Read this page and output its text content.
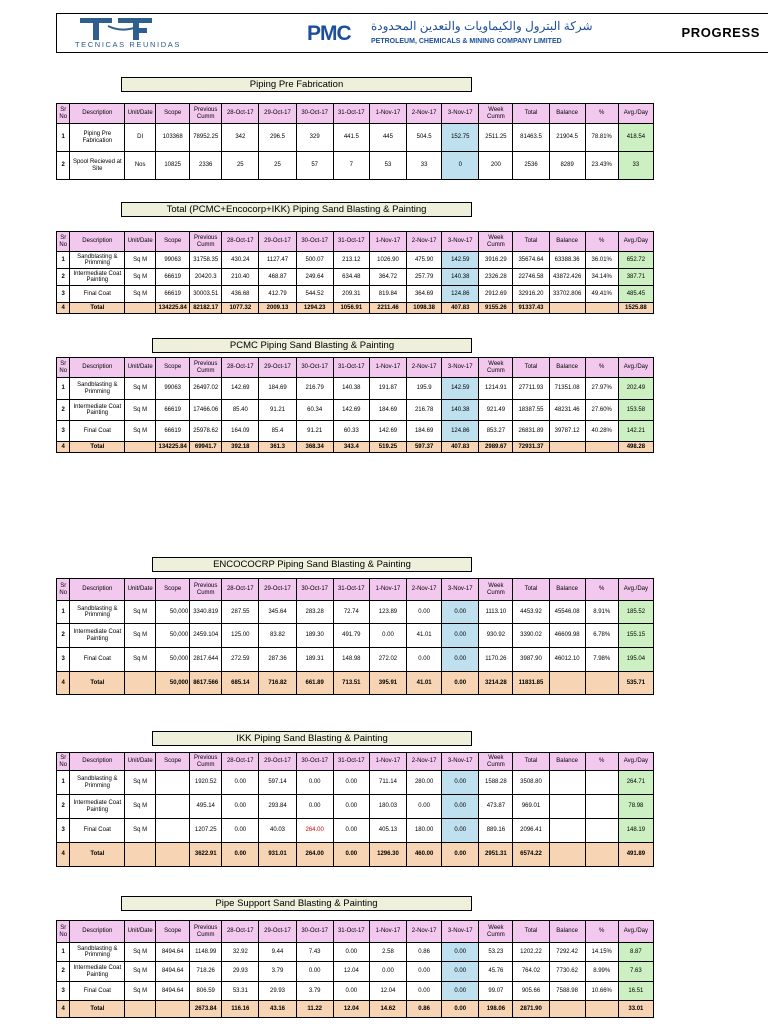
TECNICAS REUNIDAS	PMC شركة البترول والكيماويات والتعدين المحدودة
PETROLEUM, CHEMICALS & MINING COMPANY LIMITED
PROGRESS
Piping Pre Fabrication
Total (PCMC+Encocorp+IKK) Piping Sand Blasting & Painting
PCMC Piping Sand Blasting & Painting
ENCOCOCRP Piping Sand Blasting & Painting
IKK Piping Sand Blasting & Painting
Pipe Support Sand Blasting & Painting
Sr No	Description	Unit/Date	Scope	Previous Cumm	28-Oct-17	29-Oct-17	30-Oct-17	31-Oct-17	1-Nov-17	2-Nov-17	3-Nov-17	Week Cumm	Total	Balance	%	Avg./Day
1	Piping Pre Fabrication	DI	103368	78952.25	342	296.5	329	441.5	445	504.5	152.75	2511.25	81463.5	21904.5	78.81%	418.54
2	Spool Recieved at Site	Nos	10825	2336	25	25	57	7	53	33	0	200	2536	8289	23.43%	33
Sr No	Description	Unit/Date	Scope	Previous Cumm	28-Oct-17	29-Oct-17	30-Oct-17	31-Oct-17	1-Nov-17	2-Nov-17	3-Nov-17	Week Cumm	Total	Balance	%	Avg./Day
1	Sandblasting & Primming	Sq M	99063	31758.35	430.24	1127.47	500.07	213.12	1026.90	475.90	142.59	3916.29	35674.64	63388.36	36.01%	652.72
2	Intermediate Coat Painting	Sq M	66619	20420.3	210.40	468.87	249.64	634.48	364.72	257.79	140.38	2326.28	22746.58	43872.426	34.14%	387.71
3	Final Coat	Sq M	66619	30003.51	436.68	412.79	544.52	209.31	819.84	364.69	124.86	2912.69	32916.20	33702.806	49.41%	485.45
4	Total		134225.84	82182.17	1077.32	2009.13	1294.23	1056.91	2211.46	1098.38	407.83	9155.26	91337.43			1525.88
Sr No	Description	Unit/Date	Scope	Previous Cumm	28-Oct-17	29-Oct-17	30-Oct-17	31-Oct-17	1-Nov-17	2-Nov-17	3-Nov-17	Week Cumm	Total	Balance	%	Avg./Day
1	Sandblasting & Primming	Sq M	99063	26497.02	142.69	184.69	216.79	140.38	191.87	195.9	142.59	1214.91	27711.93	71351.08	27.97%	202.49
2	Intermediate Coat Painting	Sq M	66619	17466.06	85.40	91.21	60.34	142.69	184.69	216.78	140.38	921.49	18387.55	48231.46	27.60%	153.58
3	Final Coat	Sq M	66619	25978.62	164.09	85.4	91.21	60.33	142.69	184.69	124.86	853.27	26831.89	39787.12	40.28%	142.21
4	Total		134225.84	69941.7	392.18	361.3	368.34	343.4	519.25	597.37	407.83	2989.67	72931.37			498.28
Sr No	Description	Unit/Date	Scope	Previous Cumm	28-Oct-17	29-Oct-17	30-Oct-17	31-Oct-17	1-Nov-17	2-Nov-17	3-Nov-17	Week Cumm	Total	Balance	%	Avg./Day
1	Sandblasting & Primming	Sq M	50,000	3340.819	287.55	345.64	283.28	72.74	123.89	0.00	0.00	1113.10	4453.92	45546.08	8.91%	185.52
2	Intermediate Coat Painting	Sq M	50,000	2459.104	125.00	83.82	189.30	491.79	0.00	41.01	0.00	930.92	3390.02	46609.98	6.78%	155.15
3	Final Coat	Sq M	50,000	2817.644	272.59	287.36	189.31	148.98	272.02	0.00	0.00	1170.26	3987.90	46012.10	7.98%	195.04
4	Total		50,000	8617.566	685.14	716.82	661.89	713.51	395.91	41.01	0.00	3214.28	11831.85			535.71
Sr No	Description	Unit/Date	Scope	Previous Cumm	28-Oct-17	29-Oct-17	30-Oct-17	31-Oct-17	1-Nov-17	2-Nov-17	3-Nov-17	Week Cumm	Total	Balance	%	Avg./Day
1	Sandblasting & Primming	Sq M		1920.52	0.00	597.14	0.00	0.00	711.14	280.00	0.00	1588.28	3508.80			264.71
2	Intermediate Coat Painting	Sq M		495.14	0.00	293.84	0.00	0.00	180.03	0.00	0.00	473.87	969.01			78.98
3	Final Coat	Sq M		1207.25	0.00	40.03	264.00	0.00	405.13	180.00	0.00	889.16	2096.41			148.19
4	Total			3622.91	0.00	931.01	264.00	0.00	1296.30	460.00	0.00	2951.31	6574.22			491.89
Sr No	Description	Unit/Date	Scope	Previous Cumm	28-Oct-17	29-Oct-17	30-Oct-17	31-Oct-17	1-Nov-17	2-Nov-17	3-Nov-17	Week Cumm	Total	Balance	%	Avg./Day
1	Sandblasting & Primming	Sq M	8494.64	1148.99	32.92	9.44	7.43	0.00	2.58	0.86	0.00	53.23	1202.22	7292.42	14.15%	8.87
2	Intermediate Coat Painting	Sq M	8494.64	718.26	29.93	3.79	0.00	12.04	0.00	0.00	0.00	45.76	764.02	7730.62	8.99%	7.63
3	Final Coat	Sq M	8494.64	806.59	53.31	29.93	3.79	0.00	12.04	0.00	0.00	99.07	905.66	7588.98	10.66%	16.51
4	Total			2673.84	116.16	43.16	11.22	12.04	14.62	0.86	0.00	198.06	2871.90			33.01
